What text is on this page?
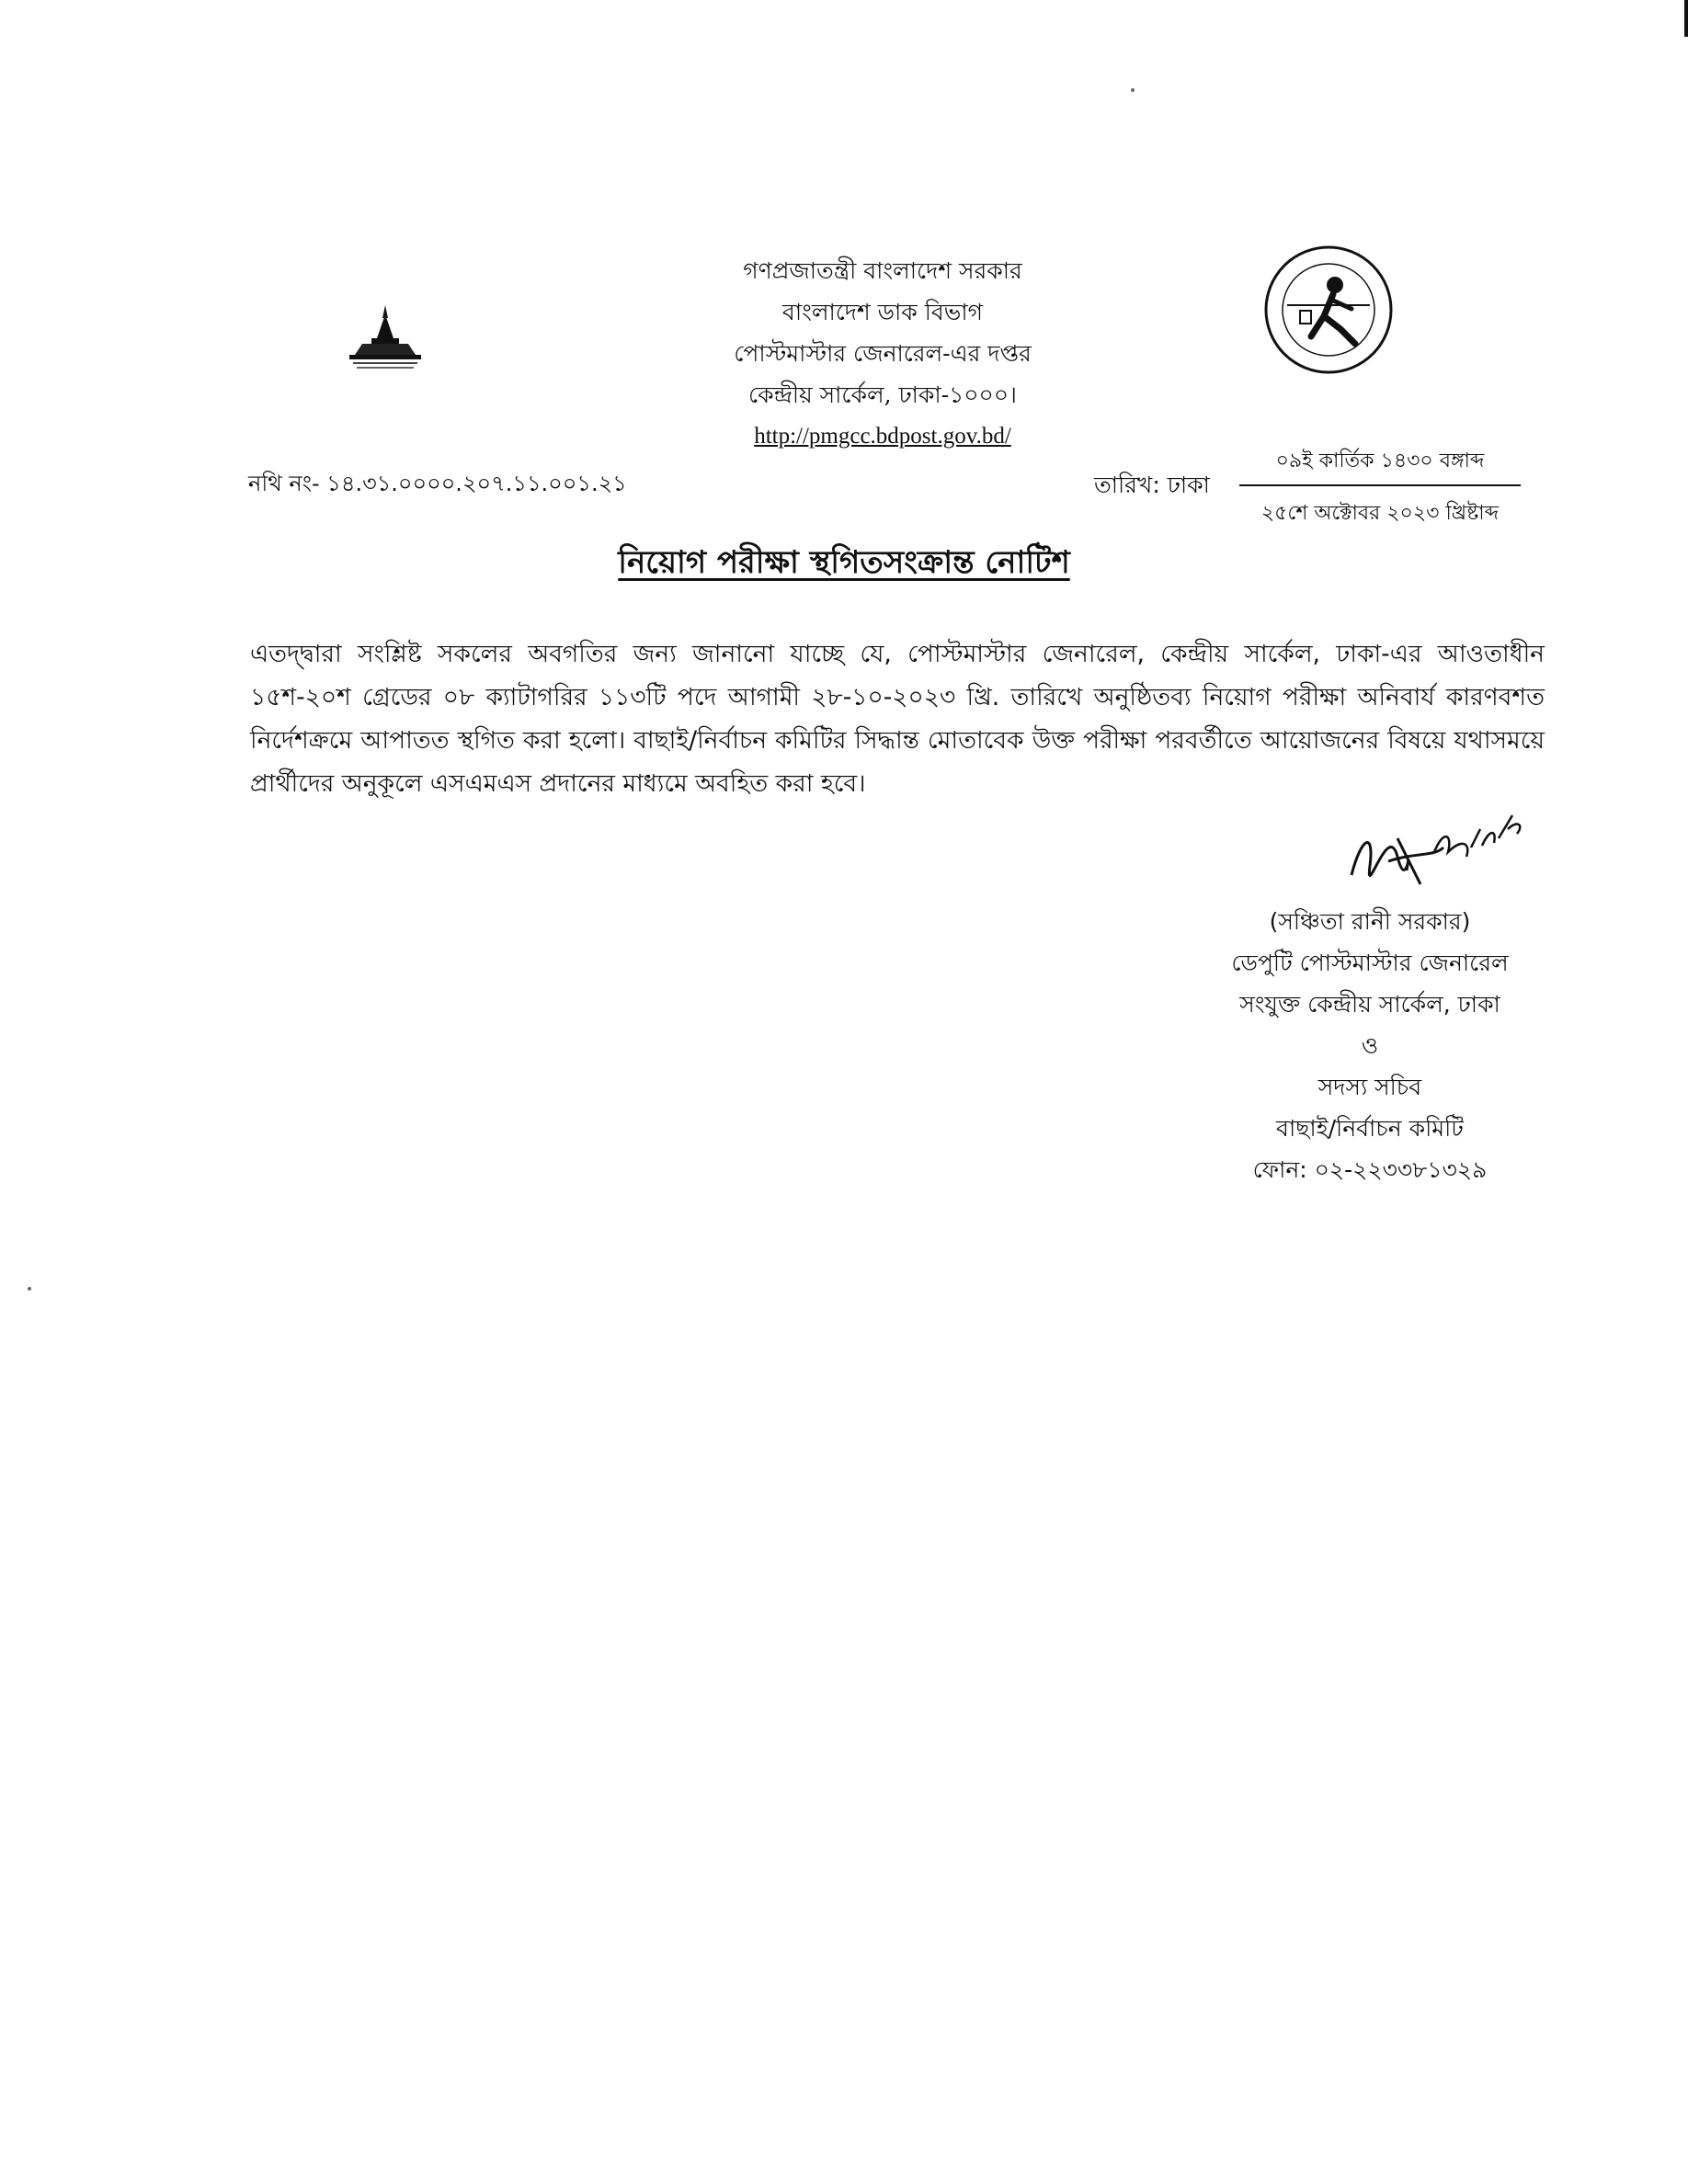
গণপ্রজাতন্ত্রী বাংলাদেশ সরকার
বাংলাদেশ ডাক বিভাগ
পোস্টমাস্টার জেনারেল-এর দপ্তর
কেন্দ্রীয় সার্কেল, ঢাকা-১০০০।
http://pmgcc.bdpost.gov.bd/
নথি নং- ১৪.৩১.০০০০.২০৭.১১.০০১.২১	তারিখ: ঢাকা
০৯ই কার্তিক ১৪৩০ বঙ্গাব্দ
২৫শে অক্টোবর ২০২৩ খ্রিষ্টাব্দ
নিয়োগ পরীক্ষা স্থগিতসংক্রান্ত নোটিশ
এতদ্দ্বারা সংশ্লিষ্ট সকলের অবগতির জন্য জানানো যাচ্ছে যে, পোস্টমাস্টার জেনারেল, কেন্দ্রীয় সার্কেল, ঢাকা-এর আওতাধীন ১৫শ-২০শ গ্রেডের ০৮ ক্যাটাগরির ১১৩টি পদে আগামী ২৮-১০-২০২৩ খ্রি. তারিখে অনুষ্ঠিতব্য নিয়োগ পরীক্ষা অনিবার্য কারণবশত নির্দেশক্রমে আপাতত স্থগিত করা হলো। বাছাই/নির্বাচন কমিটির সিদ্ধান্ত মোতাবেক উক্ত পরীক্ষা পরবর্তীতে আয়োজনের বিষয়ে যথাসময়ে প্রার্থীদের অনুকূলে এসএমএস প্রদানের মাধ্যমে অবহিত করা হবে।
(সঞ্চিতা রানী সরকার)
ডেপুটি পোস্টমাস্টার জেনারেল
সংযুক্ত কেন্দ্রীয় সার্কেল, ঢাকা
ও
সদস্য সচিব
বাছাই/নির্বাচন কমিটি
ফোন: ০২-২২৩৩৮১৩২৯
